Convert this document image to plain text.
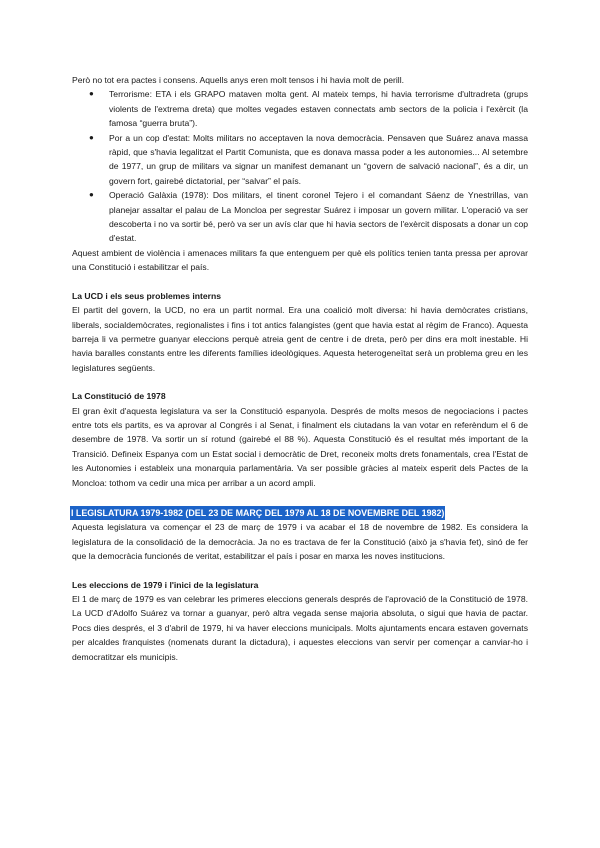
Però no tot era pactes i consens. Aquells anys eren molt tensos i hi havia molt de perill.

● Terrorisme: ETA i els GRAPO mataven molta gent. Al mateix temps, hi havia terrorisme d'ultradreta (grups violents de l'extrema dreta) que moltes vegades estaven connectats amb sectors de la policia i l'exèrcit (la famosa “guerra bruta”).
● Por a un cop d'estat: Molts militars no acceptaven la nova democràcia. Pensaven que Suárez anava massa ràpid, que s'havia legalitzat el Partit Comunista, que es donava massa poder a les autonomies... Al setembre de 1977, un grup de militars va signar un manifest demanant un “govern de salvació nacional”, és a dir, un govern fort, gairebé dictatorial, per “salvar” el país.
● Operació Galàxia (1978): Dos militars, el tinent coronel Tejero i el comandant Sáenz de Ynestrillas, van planejar assaltar el palau de La Moncloa per segrestar Suárez i imposar un govern militar. L'operació va ser descoberta i no va sortir bé, però va ser un avís clar que hi havia sectors de l'exèrcit disposats a donar un cop d'estat.

Aquest ambient de violència i amenaces militars fa que entenguem per què els polítics tenien tanta pressa per aprovar una Constitució i estabilitzar el país.

La UCD i els seus problemes interns

El partit del govern, la UCD, no era un partit normal. Era una coalició molt diversa: hi havia demòcrates cristians, liberals, socialdemòcrates, regionalistes i fins i tot antics falangistes (gent que havia estat al règim de Franco). Aquesta barreja li va permetre guanyar eleccions perquè atreia gent de centre i de dreta, però per dins era molt inestable. Hi havia baralles constants entre les diferents famílies ideològiques. Aquesta heterogeneïtat serà un problema greu en les legislatures següents.

La Constitució de 1978

El gran èxit d'aquesta legislatura va ser la Constitució espanyola. Després de molts mesos de negociacions i pactes entre tots els partits, es va aprovar al Congrés i al Senat, i finalment els ciutadans la van votar en referèndum el 6 de desembre de 1978. Va sortir un sí rotund (gairebé el 88 %). Aquesta Constitució és el resultat més important de la Transició. Defineix Espanya com un Estat social i democràtic de Dret, reconeix molts drets fonamentals, crea l'Estat de les Autonomies i estableix una monarquia parlamentària. Va ser possible gràcies al mateix esperit dels Pactes de la Moncloa: tothom va cedir una mica per arribar a un acord ampli.

I LEGISLATURA 1979-1982 (DEL 23 DE MARÇ DEL 1979 AL 18 DE NOVEMBRE DEL 1982)

Aquesta legislatura va començar el 23 de març de 1979 i va acabar el 18 de novembre de 1982. Es considera la legislatura de la consolidació de la democràcia. Ja no es tractava de fer la Constitució (això ja s'havia fet), sinó de fer que la democràcia funcionés de veritat, estabilitzar el país i posar en marxa les noves institucions.

Les eleccions de 1979 i l'inici de la legislatura

El 1 de març de 1979 es van celebrar les primeres eleccions generals després de l'aprovació de la Constitució de 1978. La UCD d'Adolfo Suárez va tornar a guanyar, però altra vegada sense majoria absoluta, o sigui que havia de pactar. Pocs dies després, el 3 d'abril de 1979, hi va haver eleccions municipals. Molts ajuntaments encara estaven governats per alcaldes franquistes (nomenats durant la dictadura), i aquestes eleccions van servir per començar a canviar-ho i democratitzar els municipis.
